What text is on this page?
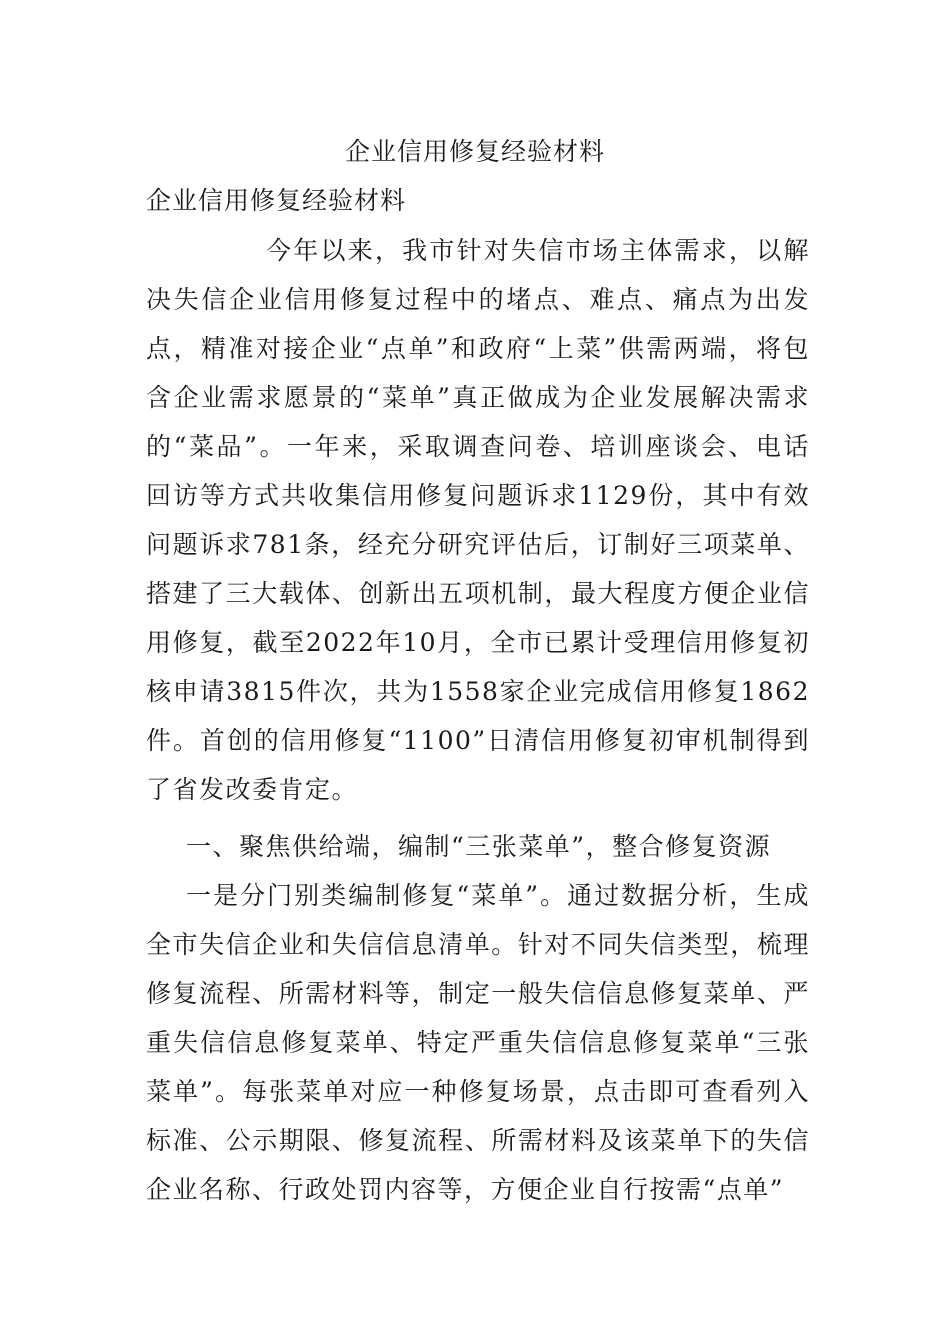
企业信用修复经验材料
企业信用修复经验材料

今年以来，我市针对失信市场主体需求，以解决失信企业信用修复过程中的堵点、难点、痛点为出发点，精准对接企业“点单”和政府“上菜”供需两端，将包含企业需求愿景的“菜单”真正做成为企业发展解决需求的“菜品”。一年来，采取调查问卷、培训座谈会、电话回访等方式共收集信用修复问题诉求1129份，其中有效问题诉求781条，经充分研究评估后，订制好三项菜单、搭建了三大载体、创新出五项机制，最大程度方便企业信用修复，截至2022年10月，全市已累计受理信用修复初核申请3815件次，共为1558家企业完成信用修复1862件。首创的信用修复“1100”日清信用修复初审机制得到了省发改委肯定。

一、聚焦供给端，编制“三张菜单”，整合修复资源

一是分门别类编制修复“菜单”。通过数据分析，生成全市失信企业和失信信息清单。针对不同失信类型，梳理修复流程、所需材料等，制定一般失信信息修复菜单、严重失信信息修复菜单、特定严重失信信息修复菜单“三张菜单”。每张菜单对应一种修复场景，点击即可查看列入标准、公示期限、修复流程、所需材料及该菜单下的失信企业名称、行政处罚内容等，方便企业自行按需“点单”
